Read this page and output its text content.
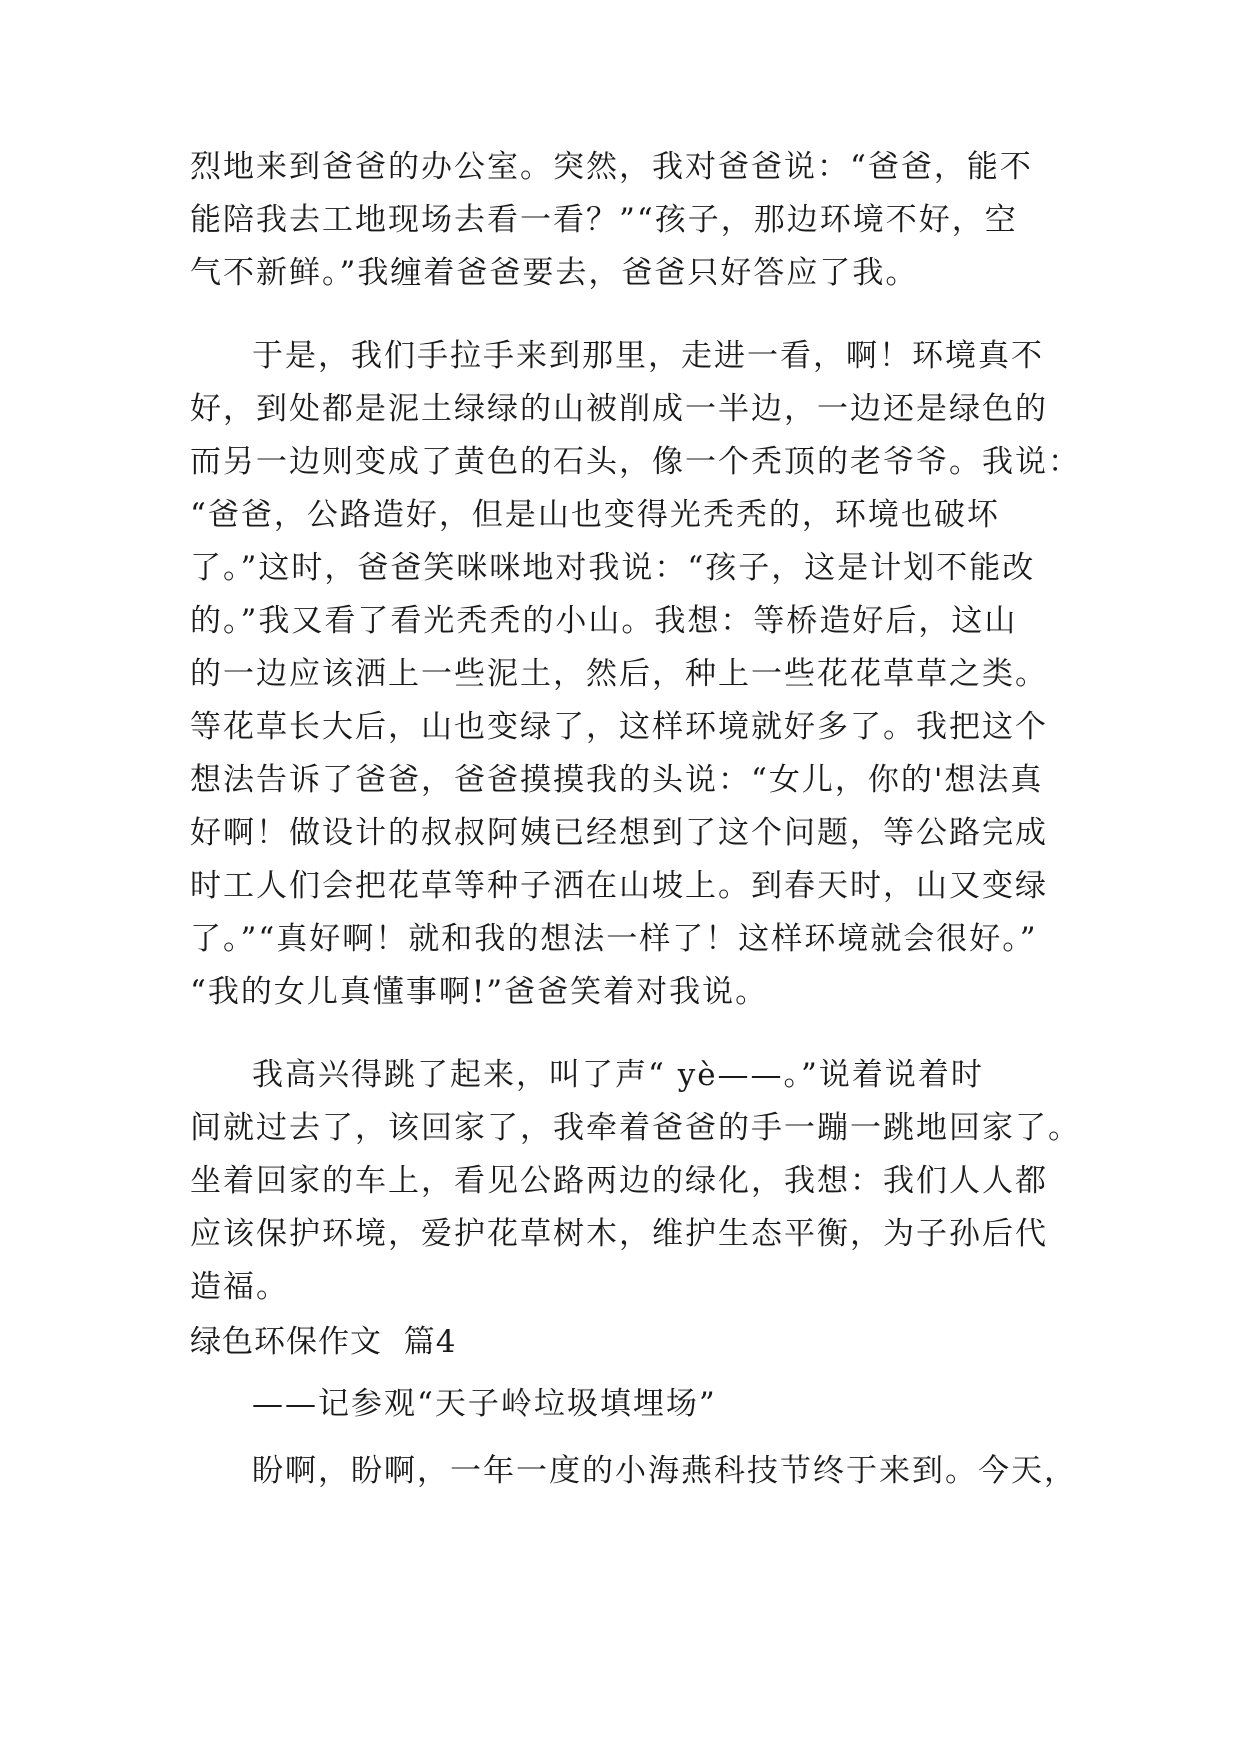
烈地来到爸爸的办公室。突然，我对爸爸说：“爸爸，能不
能陪我去工地现场去看一看？”“孩子，那边环境不好，空
气不新鲜。”我缠着爸爸要去，爸爸只好答应了我。
于是，我们手拉手来到那里，走进一看，啊！环境真不
好，到处都是泥土绿绿的山被削成一半边，一边还是绿色的
而另一边则变成了黄色的石头，像一个秃顶的老爷爷。我说：
“爸爸，公路造好，但是山也变得光秃秃的，环境也破坏
了。”这时，爸爸笑咪咪地对我说：“孩子，这是计划不能改
的。”我又看了看光秃秃的小山。我想：等桥造好后，这山
的一边应该洒上一些泥土，然后，种上一些花花草草之类。
等花草长大后，山也变绿了，这样环境就好多了。我把这个
想法告诉了爸爸，爸爸摸摸我的头说：“女儿，你的'想法真
好啊！做设计的叔叔阿姨已经想到了这个问题，等公路完成
时工人们会把花草等种子洒在山坡上。到春天时，山又变绿
了。”“真好啊！就和我的想法一样了！这样环境就会很好。”
“我的女儿真懂事啊!”爸爸笑着对我说。
我高兴得跳了起来，叫了声“ yè——。”说着说着时
间就过去了，该回家了，我牵着爸爸的手一蹦一跳地回家了。
坐着回家的车上，看见公路两边的绿化，我想：我们人人都
应该保护环境，爱护花草树木，维护生态平衡，为子孙后代
造福。
绿色环保作文  篇4
——记参观“天子岭垃圾填埋场”
盼啊，盼啊，一年一度的小海燕科技节终于来到。今天，
